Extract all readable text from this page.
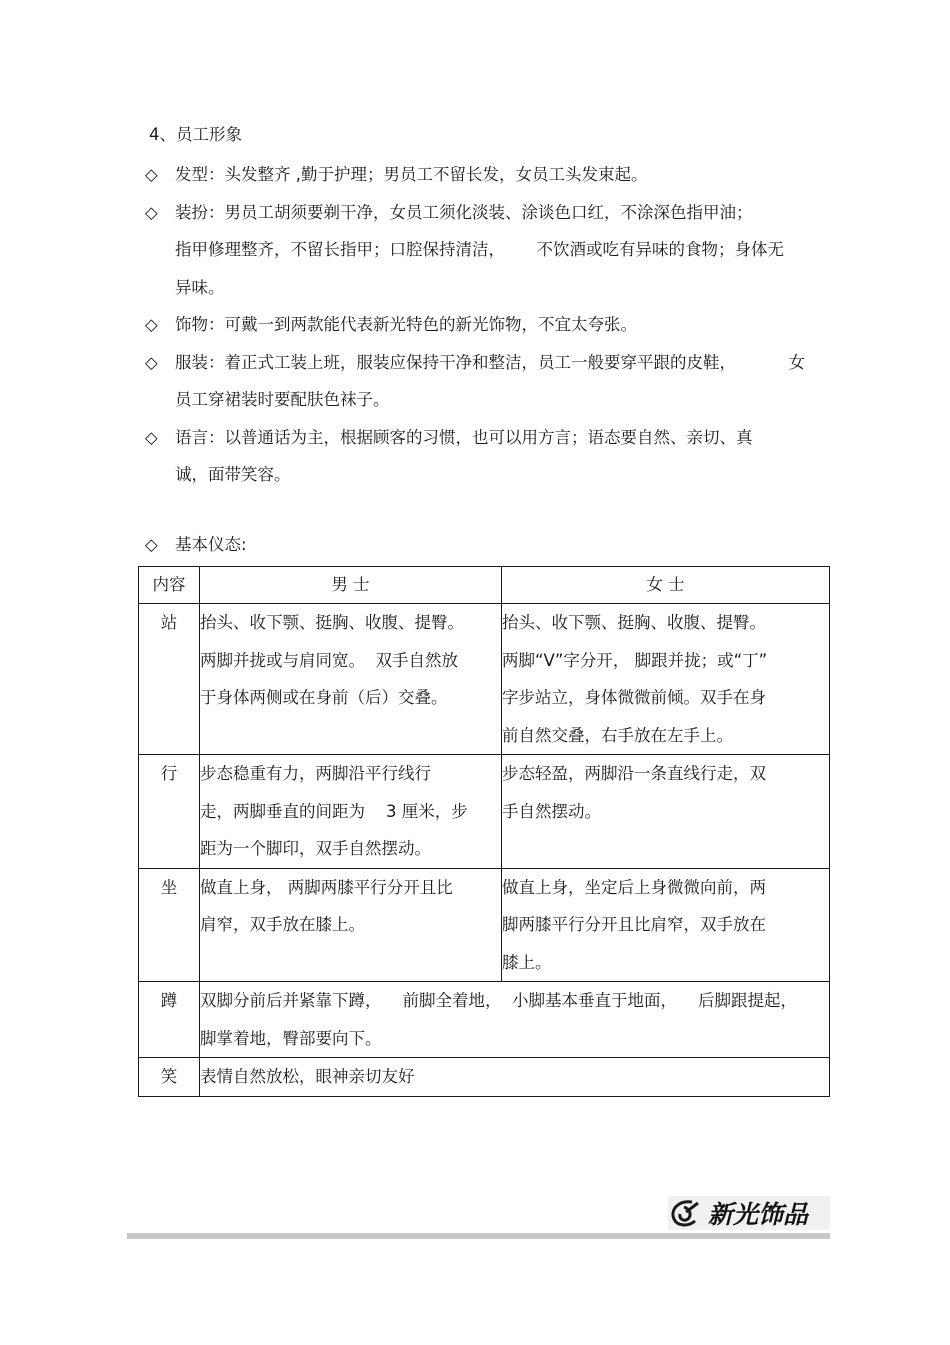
4、员工形象
◇	发型：头发整齐 ,勤于护理；男员工不留长发，女员工头发束起。
◇	装扮：男员工胡须要剃干净，女员工须化淡装、涂谈色口红，不涂深色指甲油；
指甲修理整齐，不留长指甲；口腔保持清洁，      不饮酒或吃有异味的食物；身体无
异味。
◇	饰物：可戴一到两款能代表新光特色的新光饰物，不宜太夸张。
◇	服装：着正式工装上班，服装应保持干净和整洁，员工一般要穿平跟的皮鞋，          女
员工穿裙装时要配肤色袜子。
◇	语言：以普通话为主，根据顾客的习惯，也可以用方言；语态要自然、亲切、真
诚，面带笑容。
◇ 基本仪态:
内容	男 士	女 士
站	抬头、收下颚、挺胸、收腹、提臀。
两脚并拢或与肩同宽。  双手自然放
于身体两侧或在身前（后）交叠。	抬头、收下颚、挺胸、收腹、提臀。
两脚“V”字分开， 脚跟并拢；或“丁”
字步站立，身体微微前倾。双手在身
前自然交叠，右手放在左手上。

行	步态稳重有力，两脚沿平行线行
走，两脚垂直的间距为    3 厘米，步
距为一个脚印，双手自然摆动。	步态轻盈，两脚沿一条直线行走，双
手自然摆动。

坐	做直上身， 两脚两膝平行分开且比
肩窄，双手放在膝上。	做直上身，坐定后上身微微向前，两
脚两膝平行分开且比肩窄，双手放在
膝上。

蹲	双脚分前后并紧靠下蹲，    前脚全着地，  小脚基本垂直于地面，    后脚跟提起，
脚掌着地，臀部要向下。	

笑	表情自然放松，眼神亲切友好	
新光饰品
